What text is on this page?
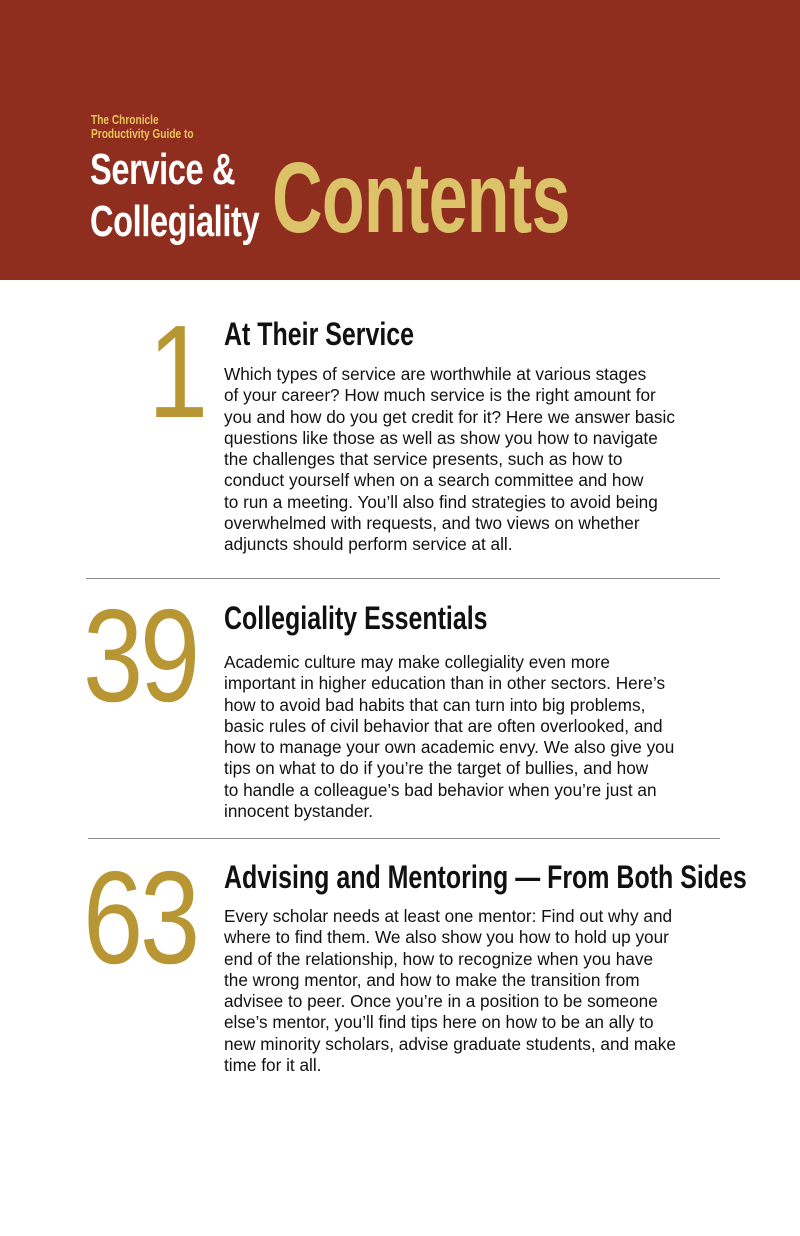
The Chronicle
Productivity Guide to
Service &
Collegiality Contents
1 At Their Service

Which types of service are worthwhile at various stages
of your career? How much service is the right amount for
you and how do you get credit for it? Here we answer basic
questions like those as well as show you how to navigate
the challenges that service presents, such as how to
conduct yourself when on a search committee and how
to run a meeting. You’ll also find strategies to avoid being
overwhelmed with requests, and two views on whether
adjuncts should perform service at all.

39 Collegiality Essentials

Academic culture may make collegiality even more
important in higher education than in other sectors. Here’s
how to avoid bad habits that can turn into big problems,
basic rules of civil behavior that are often overlooked, and
how to manage your own academic envy. We also give you
tips on what to do if you’re the target of bullies, and how
to handle a colleague’s bad behavior when you’re just an
innocent bystander.

63 Advising and Mentoring — From Both Sides

Every scholar needs at least one mentor: Find out why and
where to find them. We also show you how to hold up your
end of the relationship, how to recognize when you have
the wrong mentor, and how to make the transition from
advisee to peer. Once you’re in a position to be someone
else’s mentor, you’ll find tips here on how to be an ally to
new minority scholars, advise graduate students, and make
time for it all.
